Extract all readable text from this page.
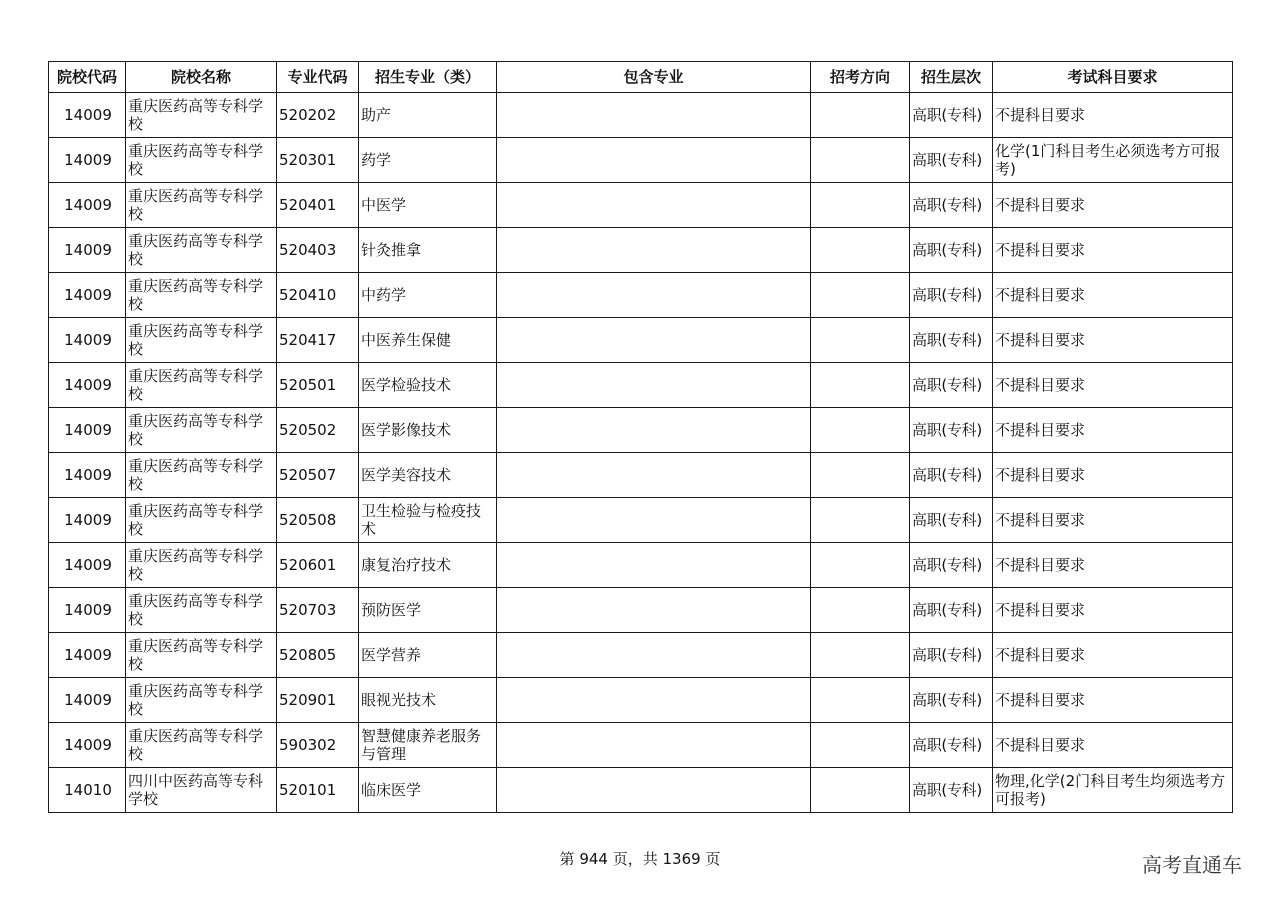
院校代码	院校名称	专业代码	招生专业（类）	包含专业	招考方向	招生层次	考试科目要求
14009	重庆医药高等专科学校	520202	助产			高职(专科)	不提科目要求
14009	重庆医药高等专科学校	520301	药学			高职(专科)	化学(1门科目考生必须选考方可报考)
14009	重庆医药高等专科学校	520401	中医学			高职(专科)	不提科目要求
14009	重庆医药高等专科学校	520403	针灸推拿			高职(专科)	不提科目要求
14009	重庆医药高等专科学校	520410	中药学			高职(专科)	不提科目要求
14009	重庆医药高等专科学校	520417	中医养生保健			高职(专科)	不提科目要求
14009	重庆医药高等专科学校	520501	医学检验技术			高职(专科)	不提科目要求
14009	重庆医药高等专科学校	520502	医学影像技术			高职(专科)	不提科目要求
14009	重庆医药高等专科学校	520507	医学美容技术			高职(专科)	不提科目要求
14009	重庆医药高等专科学校	520508	卫生检验与检疫技术			高职(专科)	不提科目要求
14009	重庆医药高等专科学校	520601	康复治疗技术			高职(专科)	不提科目要求
14009	重庆医药高等专科学校	520703	预防医学			高职(专科)	不提科目要求
14009	重庆医药高等专科学校	520805	医学营养			高职(专科)	不提科目要求
14009	重庆医药高等专科学校	520901	眼视光技术			高职(专科)	不提科目要求
14009	重庆医药高等专科学校	590302	智慧健康养老服务与管理			高职(专科)	不提科目要求
14010	四川中医药高等专科学校	520101	临床医学			高职(专科)	物理,化学(2门科目考生均须选考方可报考)
第 944 页，共 1369 页	高考直通车
